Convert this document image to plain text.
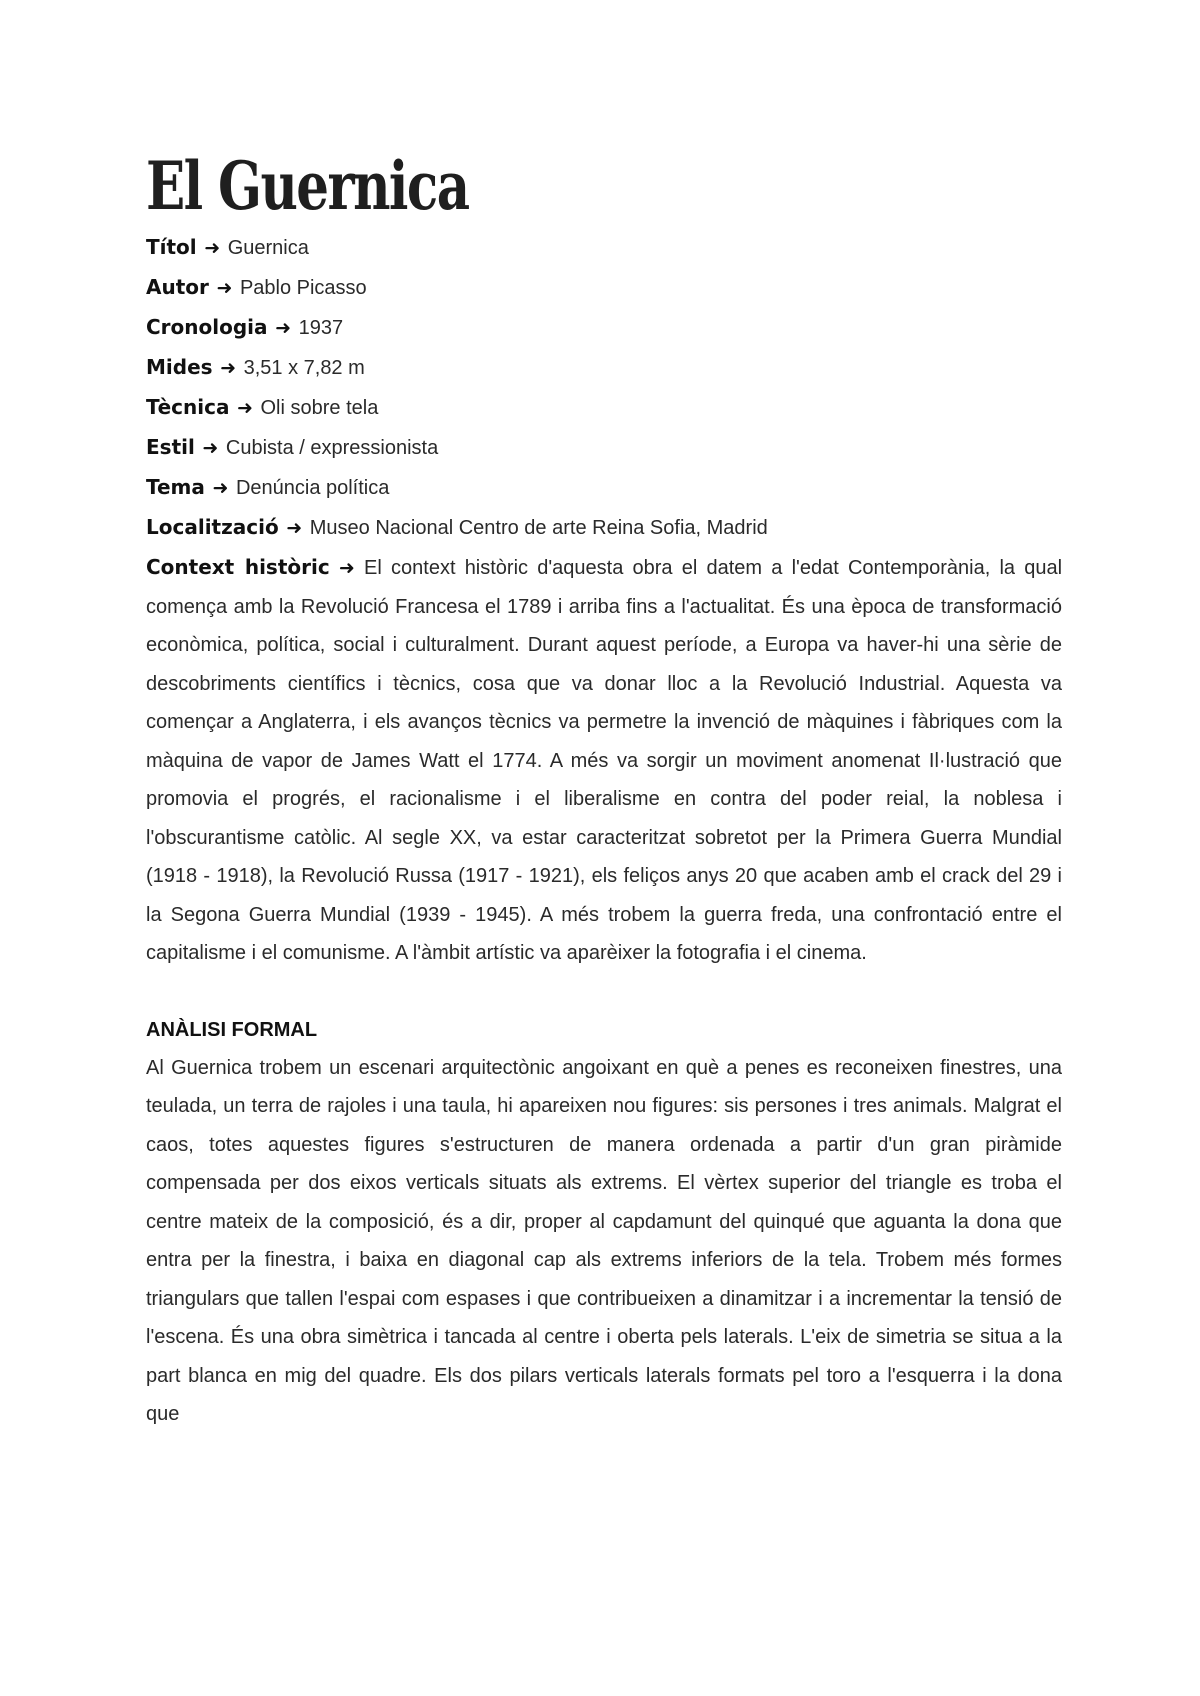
El Guernica
Títol ➜ Guernica
Autor ➜ Pablo Picasso
Cronologia ➜ 1937
Mides ➜ 3,51 x 7,82 m
Tècnica ➜ Oli sobre tela
Estil ➜ Cubista / expressionista
Tema ➜ Denúncia política
Localització ➜ Museo Nacional Centro de arte Reina Sofia, Madrid

Context històric ➜ El context històric d'aquesta obra el datem a l'edat Contemporània, la qual comença amb la Revolució Francesa el 1789 i arriba fins a l'actualitat. És una època de transformació econòmica, política, social i culturalment. Durant aquest període, a Europa va haver-hi una sèrie de descobriments científics i tècnics, cosa que va donar lloc a la Revolució Industrial. Aquesta va començar a Anglaterra, i els avanços tècnics va permetre la invenció de màquines i fàbriques com la màquina de vapor de James Watt el 1774. A més va sorgir un moviment anomenat Il·lustració que promovia el progrés, el racionalisme i el liberalisme en contra del poder reial, la noblesa i l'obscurantisme catòlic. Al segle XX, va estar caracteritzat sobretot per la Primera Guerra Mundial (1918 - 1918), la Revolució Russa (1917 - 1921), els feliços anys 20 que acaben amb el crack del 29 i la Segona Guerra Mundial (1939 - 1945). A més trobem la guerra freda, una confrontació entre el capitalisme i el comunisme. A l'àmbit artístic va aparèixer la fotografia i el cinema.

ANÀLISI FORMAL

Al Guernica trobem un escenari arquitectònic angoixant en què a penes es reconeixen finestres, una teulada, un terra de rajoles i una taula, hi apareixen nou figures: sis persones i tres animals. Malgrat el caos, totes aquestes figures s'estructuren de manera ordenada a partir d'un gran piràmide compensada per dos eixos verticals situats als extrems. El vèrtex superior del triangle es troba el centre mateix de la composició, és a dir, proper al capdamunt del quinqué que aguanta la dona que entra per la finestra, i baixa en diagonal cap als extrems inferiors de la tela. Trobem més formes triangulars que tallen l'espai com espases i que contribueixen a dinamitzar i a incrementar la tensió de l'escena. És una obra simètrica i tancada al centre i oberta pels laterals. L'eix de simetria se situa a la part blanca en mig del quadre. Els dos pilars verticals laterals formats pel toro a l'esquerra i la dona que
